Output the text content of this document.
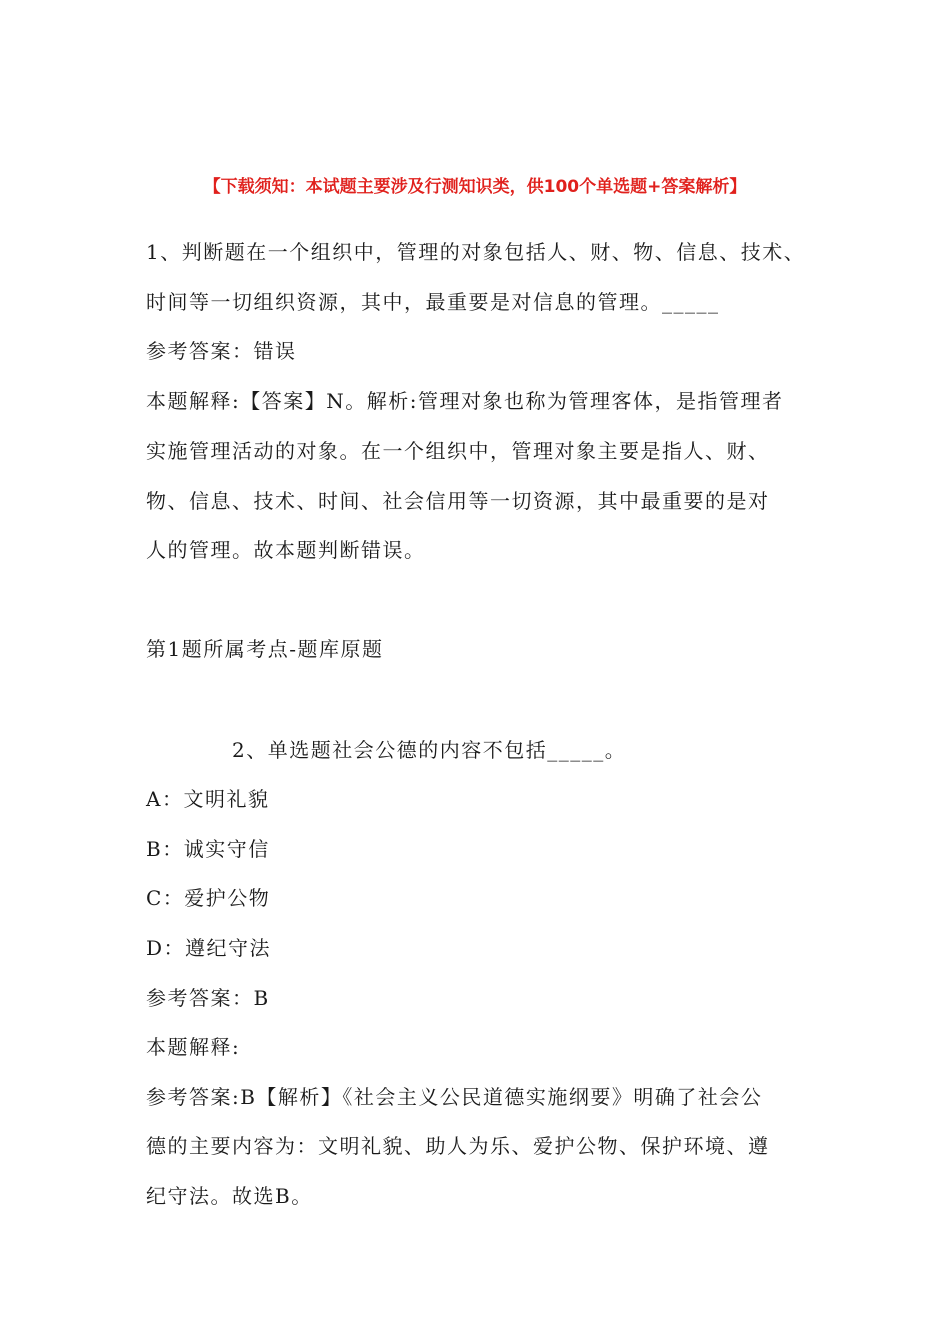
【下载须知：本试题主要涉及行测知识类，供100个单选题+答案解析】
1、判断题在一个组织中，管理的对象包括人、财、物、信息、技术、
时间等一切组织资源，其中，最重要是对信息的管理。_____
参考答案：错误
本题解释:【答案】N。解析:管理对象也称为管理客体，是指管理者
实施管理活动的对象。在一个组织中，管理对象主要是指人、财、
物、信息、技术、时间、社会信用等一切资源，其中最重要的是对
人的管理。故本题判断错误。
第1题所属考点-题库原题
2、单选题社会公德的内容不包括_____。
A：文明礼貌
B：诚实守信
C：爱护公物
D：遵纪守法
参考答案：B
本题解释:
参考答案:B【解析】《社会主义公民道德实施纲要》明确了社会公
德的主要内容为：文明礼貌、助人为乐、爱护公物、保护环境、遵
纪守法。故选B。
